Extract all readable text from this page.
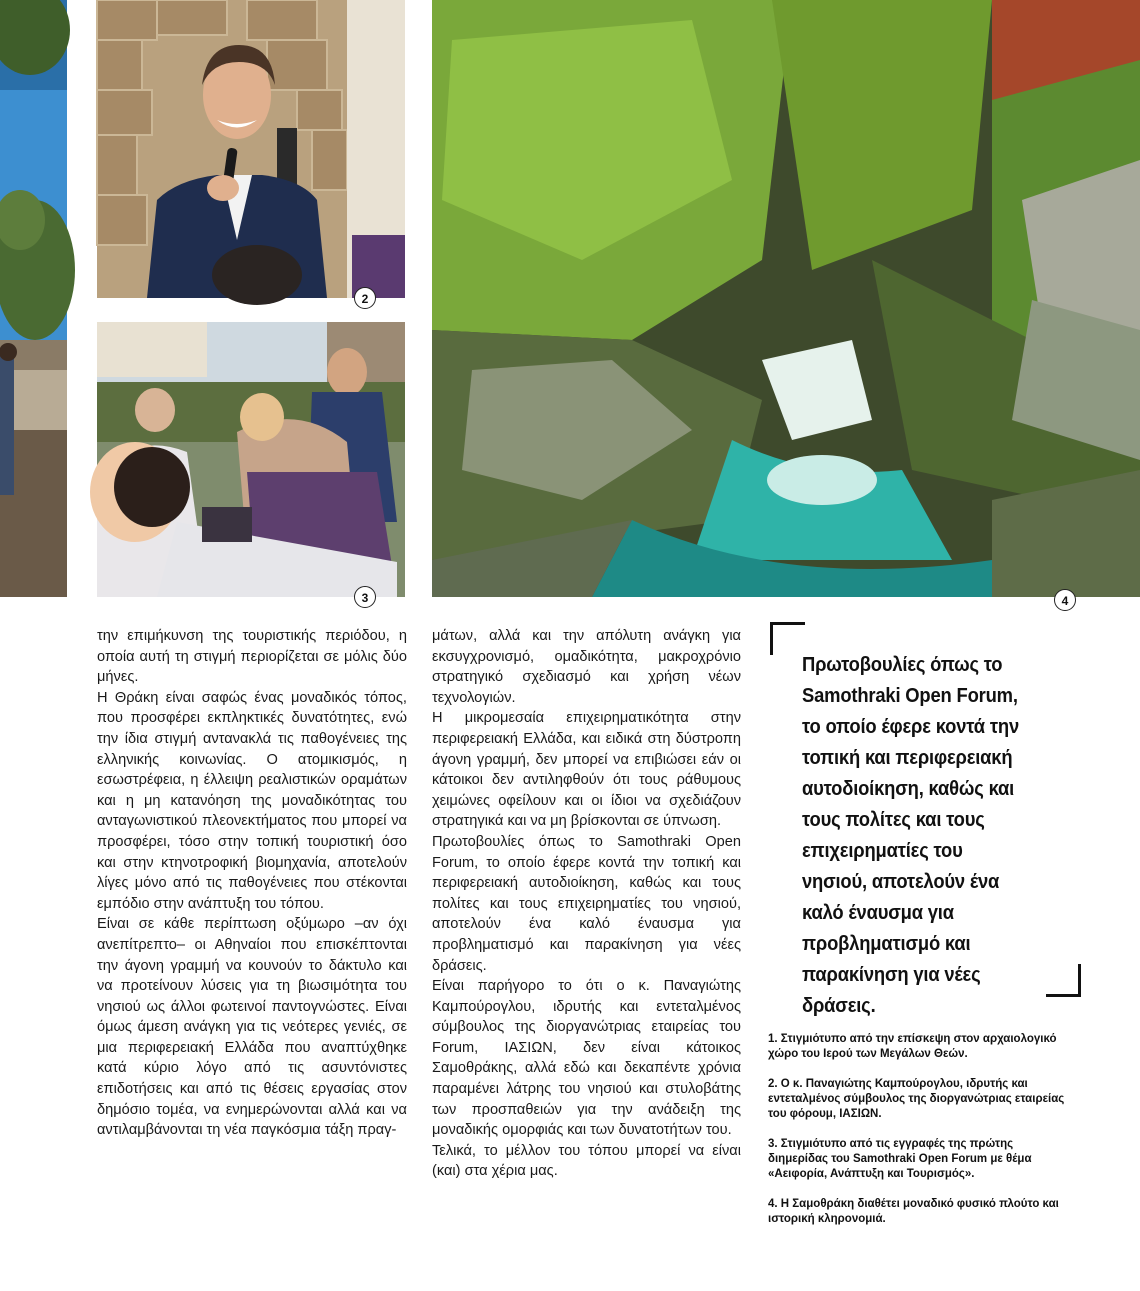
2
3	4

την επιμήκυνση της τουριστικής περιόδου, η οποία αυτή τη στιγμή περιορίζεται σε μόλις δύο μήνες.

Η Θράκη είναι σαφώς ένας μοναδικός τόπος, που προσφέρει εκπληκτικές δυνατότητες, ενώ την ίδια στιγμή αντανακλά τις παθογένειες της ελληνικής κοινωνίας. Ο ατομικισμός, η εσωστρέφεια, η έλλειψη ρεαλιστικών οραμάτων και η μη κατανόηση της μοναδικότητας του ανταγωνιστικού πλεονεκτήματος που μπορεί να προσφέρει, τόσο στην τοπική τουριστική όσο και στην κτηνοτροφική βιομηχανία, αποτελούν λίγες μόνο από τις παθογένειες που στέκονται εμπόδιο στην ανάπτυξη του τόπου.

Είναι σε κάθε περίπτωση οξύμωρο –αν όχι ανεπίτρεπτο– οι Αθηναίοι που επισκέπτονται την άγονη γραμμή να κουνούν το δάκτυλο και να προτείνουν λύσεις για τη βιωσιμότητα του νησιού ως άλλοι φωτεινοί παντογνώστες. Είναι όμως άμεση ανάγκη για τις νεότερες γενιές, σε μια περιφερειακή Ελλάδα που αναπτύχθηκε κατά κύριο λόγο από τις ασυντόνιστες επιδοτήσεις και από τις θέσεις εργασίας στον δημόσιο τομέα, να ενημερώνονται αλλά και να αντιλαμβάνονται τη νέα παγκόσμια τάξη πραγ-

μάτων, αλλά και την απόλυτη ανάγκη για εκσυγχρονισμό, ομαδικότητα, μακροχρόνιο στρατηγικό σχεδιασμό και χρήση νέων τεχνολογιών.

Η μικρομεσαία επιχειρηματικότητα στην περιφερειακή Ελλάδα, και ειδικά στη δύστροπη άγονη γραμμή, δεν μπορεί να επιβιώσει εάν οι κάτοικοι δεν αντιληφθούν ότι τους ράθυμους χειμώνες οφείλουν και οι ίδιοι να σχεδιάζουν στρατηγικά και να μη βρίσκονται σε ύπνωση.

Πρωτοβουλίες όπως το Samothraki Open Forum, το οποίο έφερε κοντά την τοπική και περιφερειακή αυτοδιοίκηση, καθώς και τους πολίτες και τους επιχειρηματίες του νησιού, αποτελούν ένα καλό έναυσμα για προβληματισμό και παρακίνηση για νέες δράσεις.

Είναι παρήγορο το ότι ο κ. Παναγιώτης Καμπούρογλου, ιδρυτής και εντεταλμένος σύμβουλος της διοργανώτριας εταιρείας του Forum, ΙΑΣΙΩΝ, δεν είναι κάτοικος Σαμοθράκης, αλλά εδώ και δεκαπέντε χρόνια παραμένει λάτρης του νησιού και στυλοβάτης των προσπαθειών για την ανάδειξη της μοναδικής ομορφιάς και των δυνατοτήτων του.

Τελικά, το μέλλον του τόπου μπορεί να είναι (και) στα χέρια μας.

Πρωτοβουλίες όπως το Samothraki Open Forum, το οποίο έφερε κοντά την τοπική και περιφερειακή αυτοδιοίκηση, καθώς και τους πολίτες και τους επιχειρηματίες του νησιού, αποτελούν ένα καλό έναυσμα για προβληματισμό και παρακίνηση για νέες δράσεις.

1. Στιγμιότυπο από την επίσκεψη στον αρχαιολογικό χώρο του Ιερού των Μεγάλων Θεών.

2. Ο κ. Παναγιώτης Καμπούρογλου, ιδρυτής και εντεταλμένος σύμβουλος της διοργανώτριας εταιρείας του φόρουμ, ΙΑΣΙΩΝ.

3. Στιγμιότυπο από τις εγγραφές της πρώτης διημερίδας του Samothraki Open Forum με θέμα «Αειφορία, Ανάπτυξη και Τουρισμός».

4. Η Σαμοθράκη διαθέτει μοναδικό φυσικό πλούτο και ιστορική κληρονομιά.
